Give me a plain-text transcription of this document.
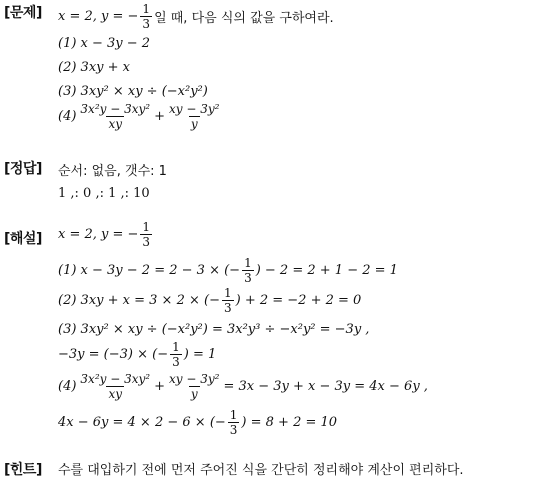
[문제] x = 2, y = − $\frac{1}{3}$ 일 때, 다음 식의 값을 구하여라.
(1) x − 3y − 2
(2) 3xy + x
(3) 3xy² × xy ÷ (−x²y²)
$(4) \frac{\text{3x²y − 3xy²}}{xy} + \frac{\text{xy − 3y²}}{y}$
[정답] 순서: 없음, 갯수: 1
1 ,: 0 ,: 1 ,: 10
[해설] x = 2, y = − $\frac{1}{3}$
(1) x − 3y − 2 = 2 − 3 × (− $\frac{1}{3}$ ) − 2 = 2 + 1 − 2 = 1
(2) 3xy + x = 3 × 2 × (− $\frac{1}{3}$ ) + 2 = −2 + 2 = 0
(3) 3xy² × xy ÷ (−x²y²) = 3x²y³ ÷ −x²y² = −3y ,
−3y = (−3) × (− $\frac{1}{3}$ ) = 1
$(4) \frac{\text{3x²y − 3xy²}}{xy} + \frac{\text{xy − 3y²}}{y} = 3x - 3y + x - 3y = 4x - 6y$ ,
4x − 6y = 4 × 2 − 6 × (− $\frac{1}{3}$ ) = 8 + 2 = 10
[힌트] 수를 대입하기 전에 먼저 주어진 식을 간단히 정리해야 계산이 편리하다.
